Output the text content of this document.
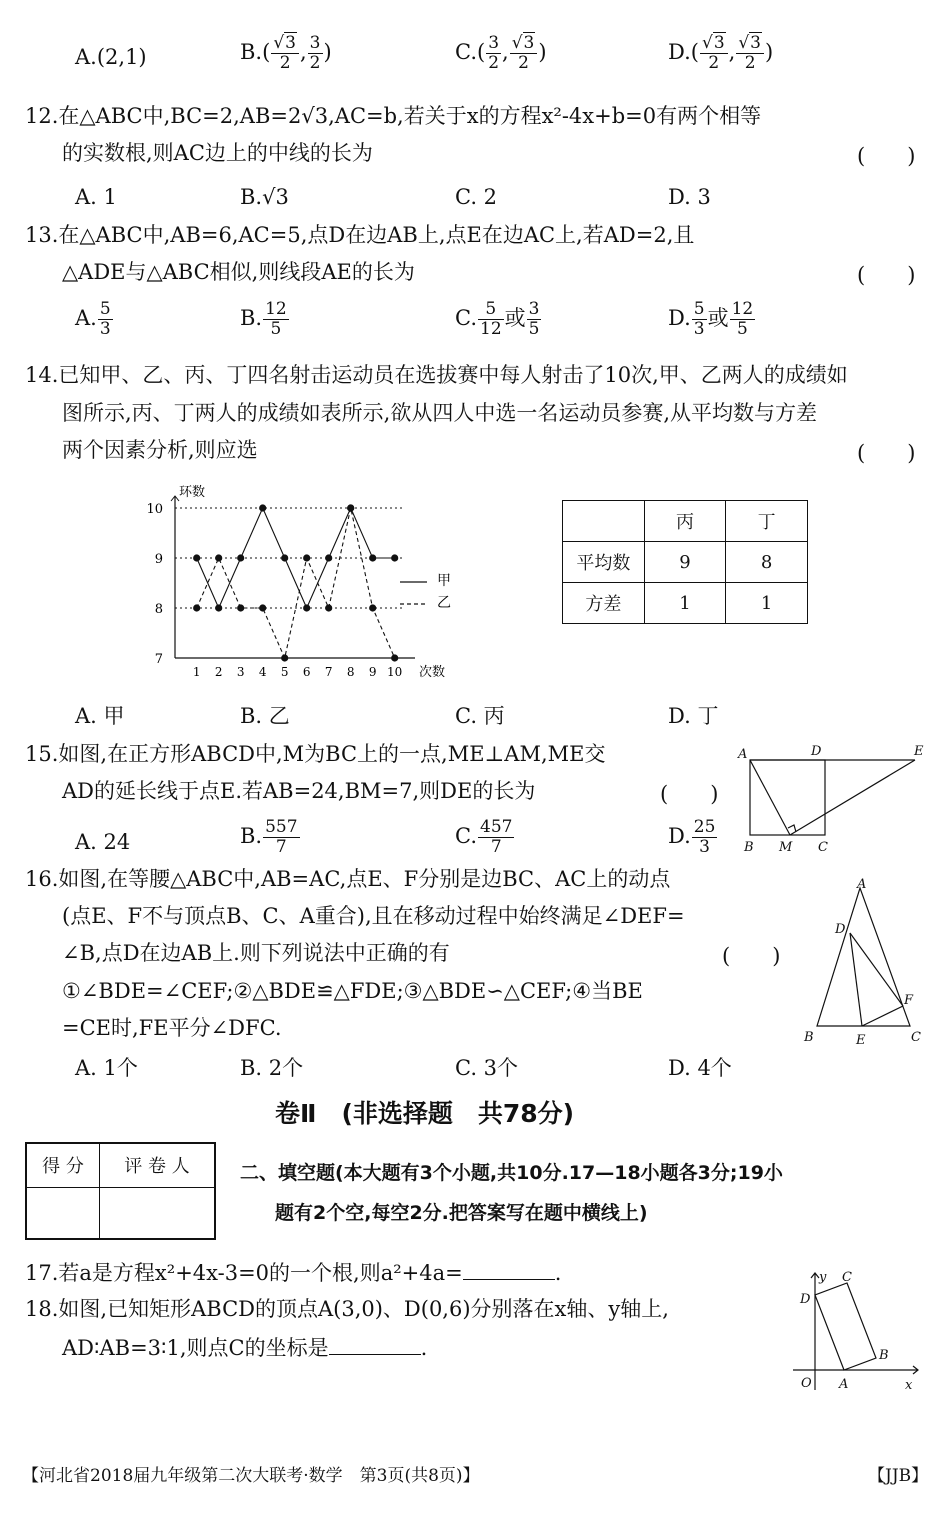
A.(2,1)	$B.( \frac{√3}{2}$ , $\frac{3}{2}$ )	$C.( \frac{3}{2}$ , $\frac{√3}{2}$ )	$D.( \frac{√3}{2}$ , $\frac{√3}{2}$ )
12.在△ABC中,BC=2,AB=2√3,AC=b,若关于x的方程x²-4x+b=0有两个相等
的实数根,则AC边上的中线的长为	(　　)
A. 1	B.√3	C. 2	D. 3
13.在△ABC中,AB=6,AC=5,点D在边AB上,点E在边AC上,若AD=2,且
△ADE与△ABC相似,则线段AE的长为	(　　)
A. $\frac{5}{3}$	B. $\frac{12}{5}$	C. $\frac{5}{12}$ 或 $\frac{3}{5}$	D. $\frac{5}{3}$ 或 $\frac{12}{5}$
14.已知甲、乙、丙、丁四名射击运动员在选拔赛中每人射击了10次,甲、乙两人的成绩如
图所示,丙、丁两人的成绩如表所示,欲从四人中选一名运动员参赛,从平均数与方差
两个因素分析,则应选	(　　)
7
8
9
10
1 2 3 4 5 6 7 8 9 10
环数
次数
甲
乙
	丙	丁
平均数	9	8
方差	1	1
A. 甲	B. 乙	C. 丙	D. 丁
15.如图,在正方形ABCD中,M为BC上的一点,ME⊥AM,ME交
AD的延长线于点E.若AB=24,BM=7,则DE的长为	(　　)
A. 24	B. $\frac{557}{7}$	C. $\frac{457}{7}$	D. $\frac{25}{3}$
A	D	E
B M C
16.如图,在等腰△ABC中,AB=AC,点E、F分别是边BC、AC上的动点
(点E、F不与顶点B、C、A重合),且在移动过程中始终满足∠DEF=
∠B,点D在边AB上.则下列说法中正确的有	(　　)
①∠BDE=∠CEF;②△BDE≌△FDE;③△BDE∽△CEF;④当BE
=CE时,FE平分∠DFC.
A. 1个	B. 2个	C. 3个	D. 4个
A
D
F
B	E	C
卷Ⅱ　(非选择题　共78分)
得 分	评 卷 人
		二、填空题(本大题有3个小题,共10分.17—18小题各3分;19小
题有2个空,每空2分.把答案写在题中横线上)
17.若a是方程x²+4x-3=0的一个根,则a²+4a=	.
18.如图,已知矩形ABCD的顶点A(3,0)、D(0,6)分别落在x轴、y轴上,
AD∶AB=3∶1,则点C的坐标是	.
y C
D
B
O A	x
【河北省2018届九年级第二次大联考·数学　第3页(共8页)】	【JJB】
